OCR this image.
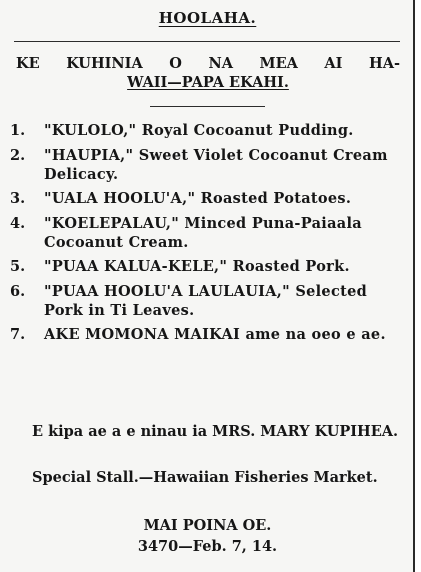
HOOLAHA.
KE KUHINIA O NA MEA AI HA-
WAII—PAPA EKAHI.
1. "KULOLO," Royal Cocoanut Pudding.
2. "HAUPIA," Sweet Violet Cocoanut Cream Delicacy.
3. "UALA HOOLU'A," Roasted Potatoes.
4. "KOELEPALAU," Minced Puna-Paiaala Cocoanut Cream.
5. "PUAA KALUA-KELE," Roasted Pork.
6. "PUAA HOOLU'A LAULAUIA," Selected Pork in Ti Leaves.
7. AKE MOMONA MAIKAI ame na oeo e ae.
E kipa ae a e ninau ia MRS. MARY KUPIHEA.
Special Stall.—Hawaiian Fisheries Market.
MAI POINA OE.
3470—Feb. 7, 14.
